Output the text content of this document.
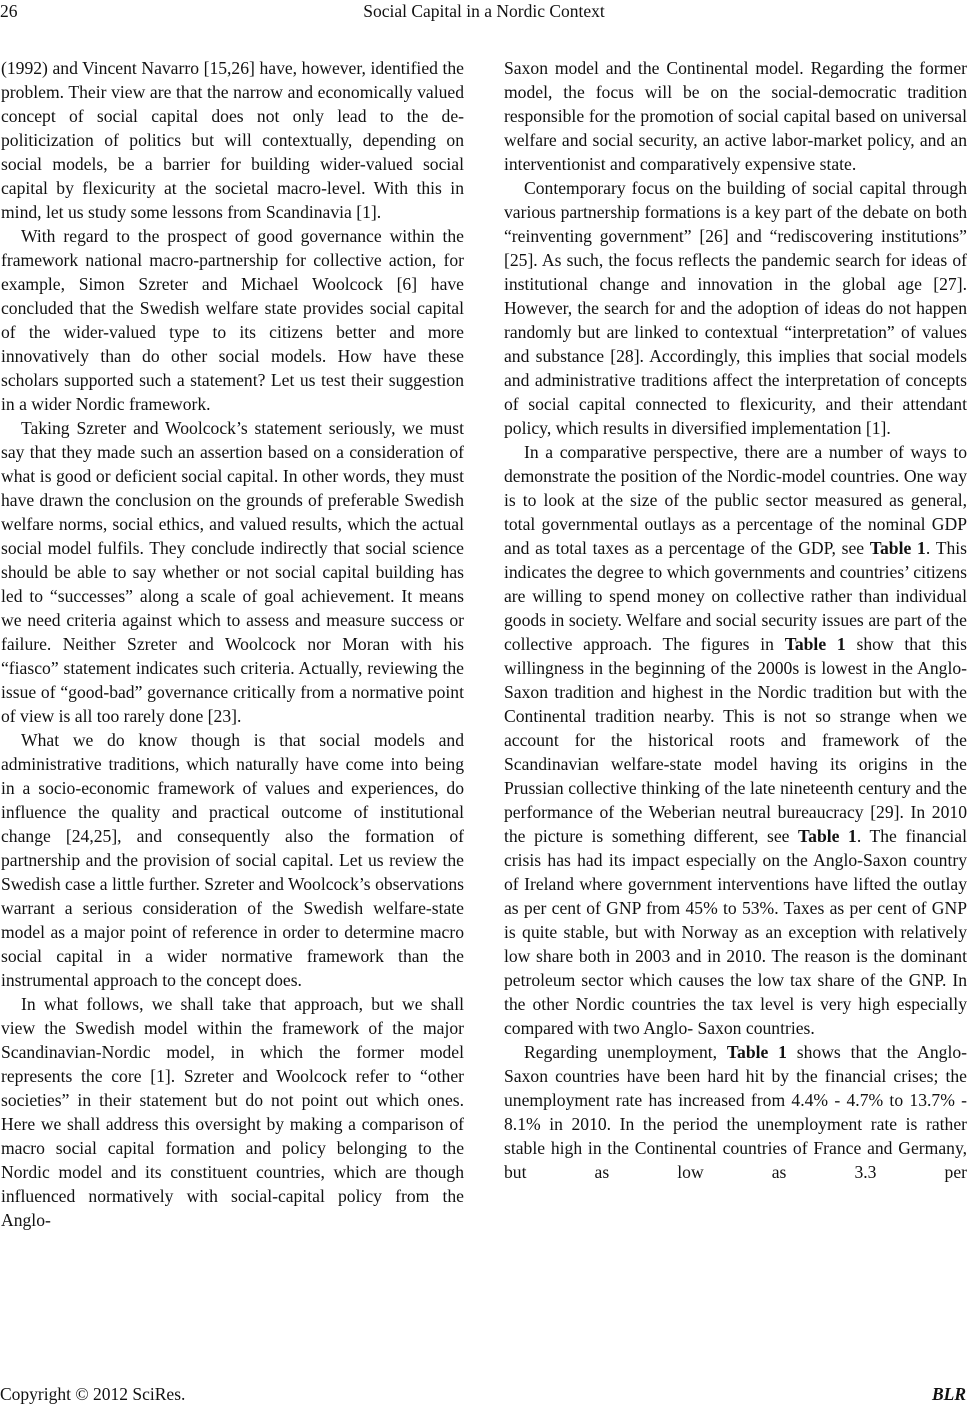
26	Social Capital in a Nordic Context

(1992) and Vincent Navarro [15,26] have, however, identified the problem. Their view are that the narrow and economically valued concept of social capital does not only lead to the de-politicization of politics but will contextually, depending on social models, be a barrier for building wider-valued social capital by flexicurity at the societal macro-level. With this in mind, let us study some lessons from Scandinavia [1].

With regard to the prospect of good governance within the framework national macro-partnership for collective action, for example, Simon Szreter and Michael Woolcock [6] have concluded that the Swedish welfare state provides social capital of the wider-valued type to its citizens better and more innovatively than do other social models. How have these scholars supported such a statement? Let us test their suggestion in a wider Nordic framework.

Taking Szreter and Woolcock’s statement seriously, we must say that they made such an assertion based on a consideration of what is good or deficient social capital. In other words, they must have drawn the conclusion on the grounds of preferable Swedish welfare norms, social ethics, and valued results, which the actual social model fulfils. They conclude indirectly that social science should be able to say whether or not social capital building has led to “successes” along a scale of goal achievement. It means we need criteria against which to assess and measure success or failure. Neither Szreter and Woolcock nor Moran with his “fiasco” statement indicates such criteria. Actually, reviewing the issue of “good-bad” governance critically from a normative point of view is all too rarely done [23].

What we do know though is that social models and administrative traditions, which naturally have come into being in a socio-economic framework of values and experiences, do influence the quality and practical outcome of institutional change [24,25], and consequently also the formation of partnership and the provision of social capital. Let us review the Swedish case a little further. Szreter and Woolcock’s observations warrant a serious consideration of the Swedish welfare-state model as a major point of reference in order to determine macro social capital in a wider normative framework than the instrumental approach to the concept does.

In what follows, we shall take that approach, but we shall view the Swedish model within the framework of the major Scandinavian-Nordic model, in which the former model represents the core [1]. Szreter and Woolcock refer to “other societies” in their statement but do not point out which ones. Here we shall address this oversight by making a comparison of macro social capital formation and policy belonging to the Nordic model and its constituent countries, which are though influenced normatively with social-capital policy from the Anglo-

Saxon model and the Continental model. Regarding the former model, the focus will be on the social-democratic tradition responsible for the promotion of social capital based on universal welfare and social security, an active labor-market policy, and an interventionist and comparatively expensive state.

Contemporary focus on the building of social capital through various partnership formations is a key part of the debate on both “reinventing government” [26] and “rediscovering institutions” [25]. As such, the focus reflects the pandemic search for ideas of institutional change and innovation in the global age [27]. However, the search for and the adoption of ideas do not happen randomly but are linked to contextual “interpretation” of values and substance [28]. Accordingly, this implies that social models and administrative traditions affect the interpretation of concepts of social capital connected to flexicurity, and their attendant policy, which results in diversified implementation [1].

In a comparative perspective, there are a number of ways to demonstrate the position of the Nordic-model countries. One way is to look at the size of the public sector measured as general, total governmental outlays as a percentage of the nominal GDP and as total taxes as a percentage of the GDP, see Table 1. This indicates the degree to which governments and countries’ citizens are willing to spend money on collective rather than individual goods in society. Welfare and social security issues are part of the collective approach. The figures in Table 1 show that this willingness in the beginning of the 2000s is lowest in the Anglo-Saxon tradition and highest in the Nordic tradition but with the Continental tradition nearby. This is not so strange when we account for the historical roots and framework of the Scandinavian welfare-state model having its origins in the Prussian collective thinking of the late nineteenth century and the performance of the Weberian neutral bureaucracy [29]. In 2010 the picture is something different, see Table 1. The financial crisis has had its impact especially on the Anglo-Saxon country of Ireland where government interventions have lifted the outlay as per cent of GNP from 45% to 53%. Taxes as per cent of GNP is quite stable, but with Norway as an exception with relatively low share both in 2003 and in 2010. The reason is the dominant petroleum sector which causes the low tax share of the GNP. In the other Nordic countries the tax level is very high especially compared with two Anglo- Saxon countries.

Regarding unemployment, Table 1 shows that the Anglo-Saxon countries have been hard hit by the financial crises; the unemployment rate has increased from 4.4% - 4.7% to 13.7% - 8.1% in 2010. In the period the unemployment rate is rather stable high in the Continental countries of France and Germany, but as low as 3.3 per

Copyright © 2012 SciRes.	BLR
